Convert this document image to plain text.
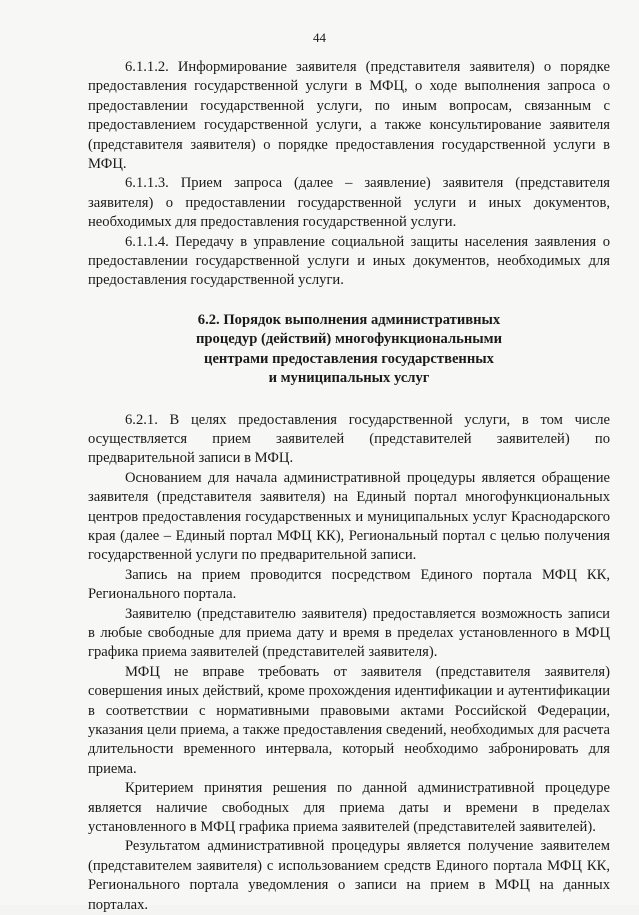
44

6.1.1.2. Информирование заявителя (представителя заявителя) о порядке предоставления государственной услуги в МФЦ, о ходе выполнения запроса о предоставлении государственной услуги, по иным вопросам, связанным с предоставлением государственной услуги, а также консультирование заявителя (представителя заявителя) о порядке предоставления государственной услуги в МФЦ.

6.1.1.3. Прием запроса (далее – заявление) заявителя (представителя заявителя) о предоставлении государственной услуги и иных документов, необходимых для предоставления государственной услуги.

6.1.1.4. Передачу в управление социальной защиты населения заявления о предоставлении государственной услуги и иных документов, необходимых для предоставления государственной услуги.

6.2. Порядок выполнения административных
процедур (действий) многофункциональными
центрами предоставления государственных
и муниципальных услуг

6.2.1. В целях предоставления государственной услуги, в том числе осуществляется прием заявителей (представителей заявителей) по предварительной записи в МФЦ.

Основанием для начала административной процедуры является обращение заявителя (представителя заявителя) на Единый портал многофункциональных центров предоставления государственных и муниципальных услуг Краснодарского края (далее – Единый портал МФЦ КК), Региональный портал с целью получения государственной услуги по предварительной записи.

Запись на прием проводится посредством Единого портала МФЦ КК, Регионального портала.

Заявителю (представителю заявителя) предоставляется возможность записи в любые свободные для приема дату и время в пределах установленного в МФЦ графика приема заявителей (представителей заявителя).

МФЦ не вправе требовать от заявителя (представителя заявителя) совершения иных действий, кроме прохождения идентификации и аутентификации в соответствии с нормативными правовыми актами Российской Федерации, указания цели приема, а также предоставления сведений, необходимых для расчета длительности временного интервала, который необходимо забронировать для приема.

Критерием принятия решения по данной административной процедуре является наличие свободных для приема даты и времени в пределах установленного в МФЦ графика приема заявителей (представителей заявителей).

Результатом административной процедуры является получение заявителем (представителем заявителя) с использованием средств Единого портала МФЦ КК, Регионального портала уведомления о записи на прием в МФЦ на данных порталах.
